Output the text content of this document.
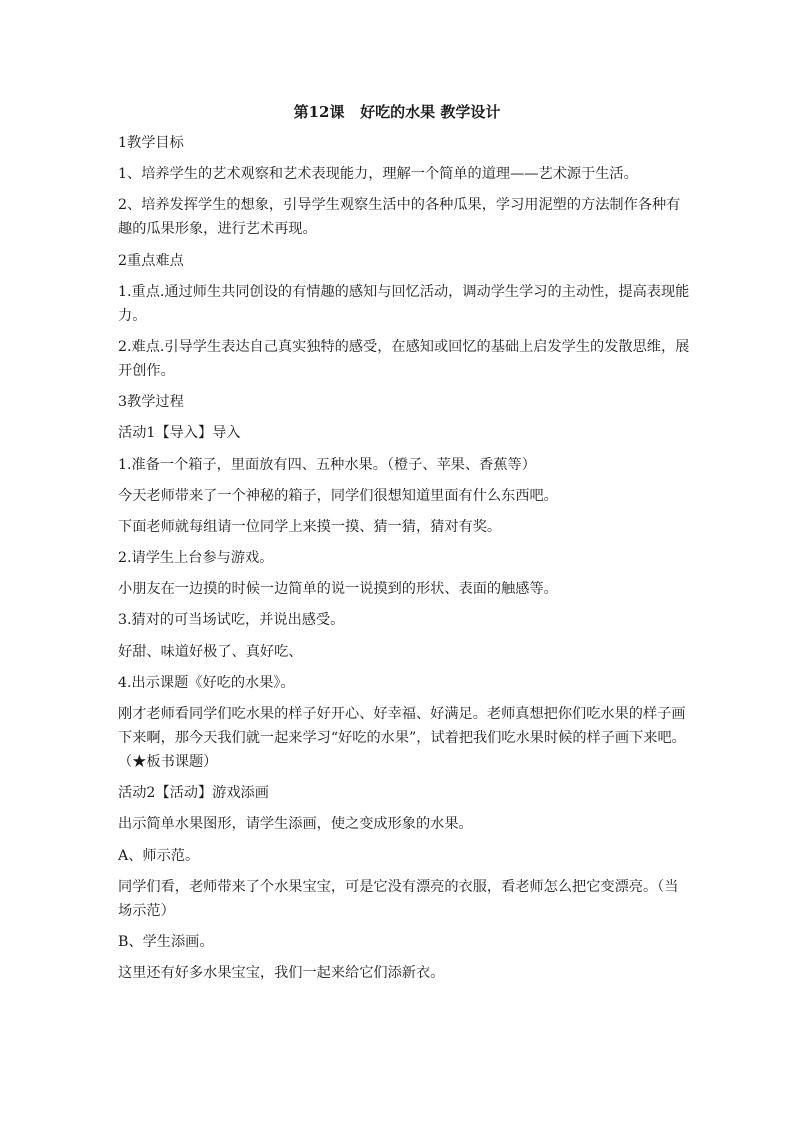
第12课   好吃的水果 教学设计
1教学目标
1、培养学生的艺术观察和艺术表现能力，理解一个简单的道理——艺术源于生活。
2、培养发挥学生的想象，引导学生观察生活中的各种瓜果，学习用泥塑的方法制作各种有
趣的瓜果形象，进行艺术再现。
2重点难点
1.重点.通过师生共同创设的有情趣的感知与回忆活动，调动学生学习的主动性，提高表现能
力。
2.难点.引导学生表达自己真实独特的感受，在感知或回忆的基础上启发学生的发散思维，展
开创作。
3教学过程
活动1【导入】导入
1.准备一个箱子，里面放有四、五种水果。（橙子、苹果、香蕉等）
今天老师带来了一个神秘的箱子，同学们很想知道里面有什么东西吧。
下面老师就每组请一位同学上来摸一摸、猜一猜，猜对有奖。
2.请学生上台参与游戏。
小朋友在一边摸的时候一边简单的说一说摸到的形状、表面的触感等。
3.猜对的可当场试吃，并说出感受。
好甜、味道好极了、真好吃、
4.出示课题《好吃的水果》。
刚才老师看同学们吃水果的样子好开心、好幸福、好满足。老师真想把你们吃水果的样子画
下来啊，那今天我们就一起来学习“好吃的水果”，试着把我们吃水果时候的样子画下来吧。
（★板书课题）
活动2【活动】游戏添画
出示简单水果图形，请学生添画，使之变成形象的水果。
A、师示范。
同学们看，老师带来了个水果宝宝，可是它没有漂亮的衣服，看老师怎么把它变漂亮。（当
场示范）
B、学生添画。
这里还有好多水果宝宝，我们一起来给它们添新衣。
